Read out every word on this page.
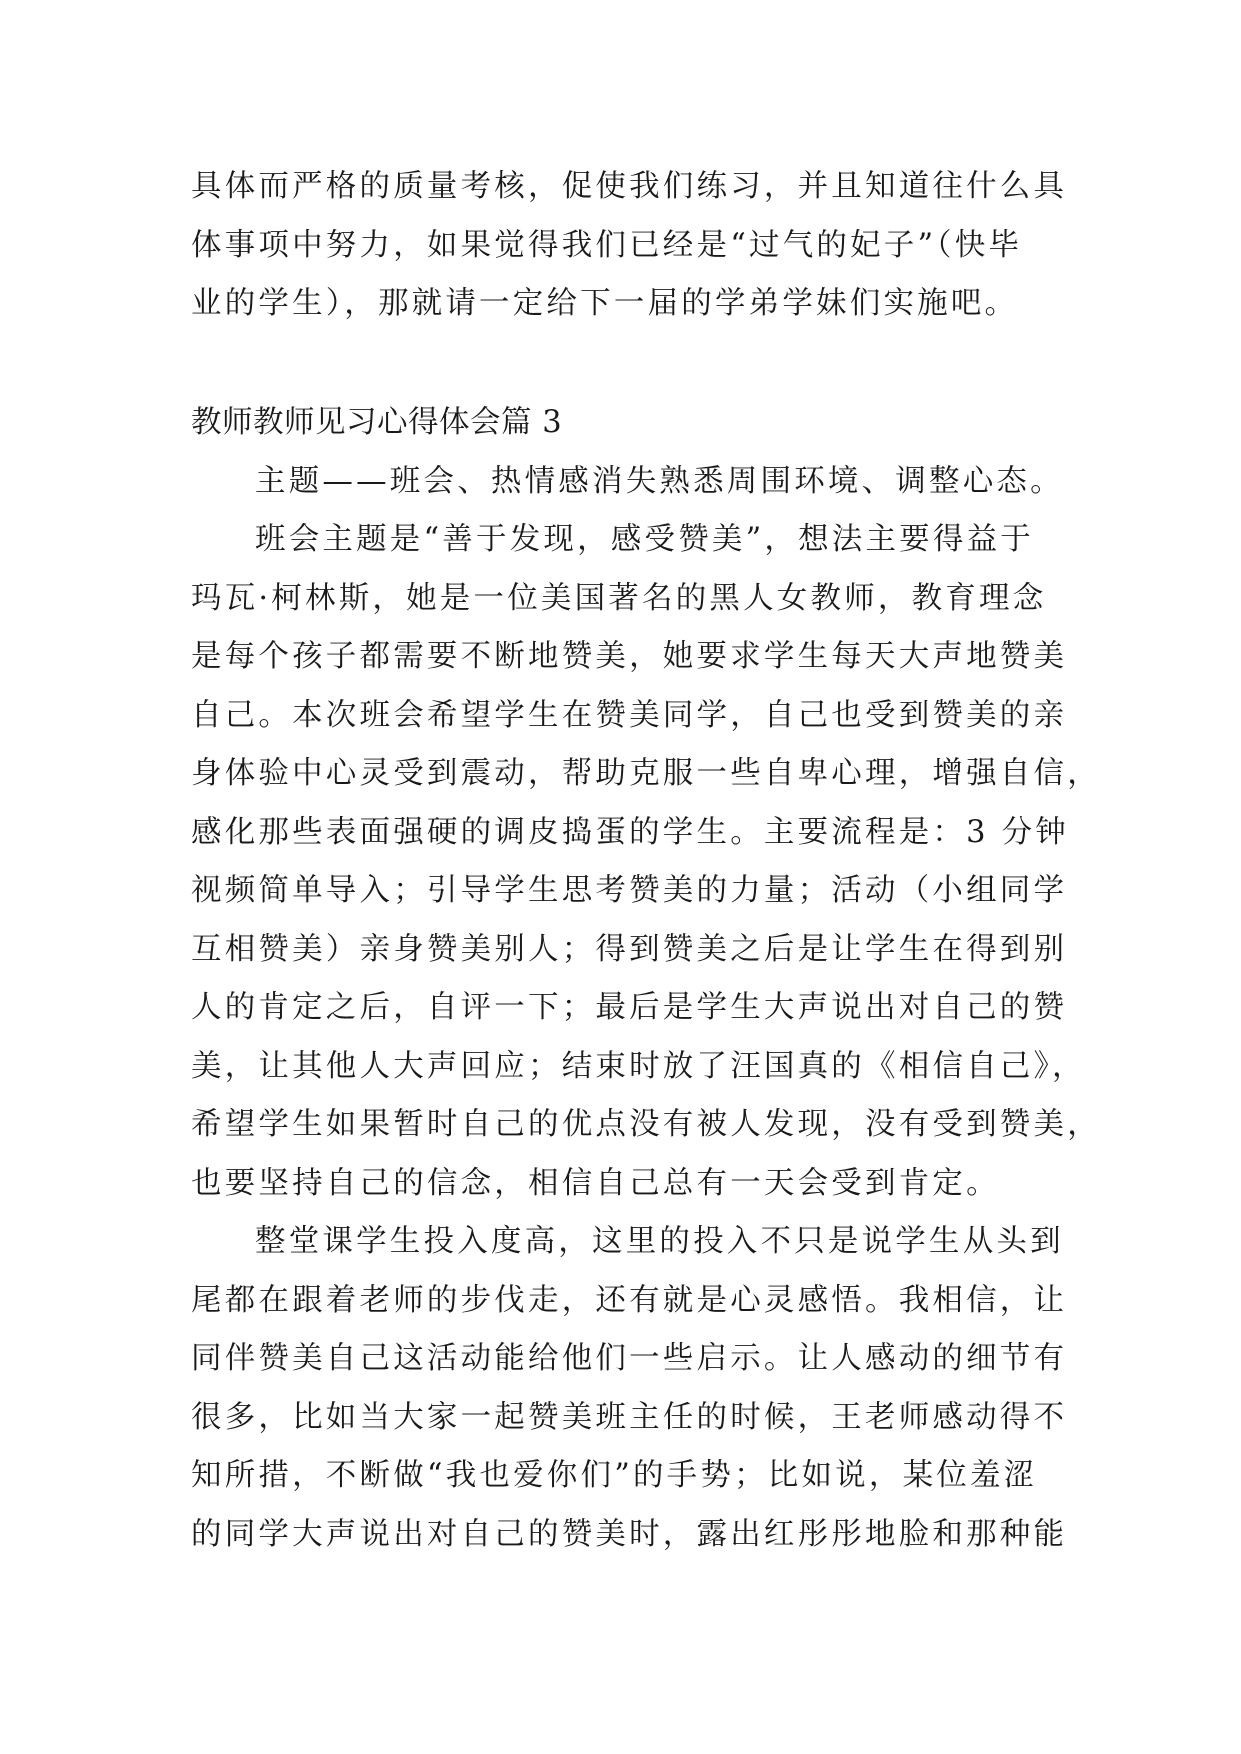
具体而严格的质量考核，促使我们练习，并且知道往什么具
体事项中努力，如果觉得我们已经是“过气的妃子”（快毕
业的学生），那就请一定给下一届的学弟学妹们实施吧。
教师教师见习心得体会篇 3
主题——班会、热情感消失熟悉周围环境、调整心态。
班会主题是“善于发现，感受赞美”，想法主要得益于
玛瓦·柯林斯，她是一位美国著名的黑人女教师，教育理念
是每个孩子都需要不断地赞美，她要求学生每天大声地赞美
自己。本次班会希望学生在赞美同学，自己也受到赞美的亲
身体验中心灵受到震动，帮助克服一些自卑心理，增强自信，
感化那些表面强硬的调皮捣蛋的学生。主要流程是：3 分钟
视频简单导入；引导学生思考赞美的力量；活动（小组同学
互相赞美）亲身赞美别人；得到赞美之后是让学生在得到别
人的肯定之后，自评一下；最后是学生大声说出对自己的赞
美，让其他人大声回应；结束时放了汪国真的《相信自己》，
希望学生如果暂时自己的优点没有被人发现，没有受到赞美，
也要坚持自己的信念，相信自己总有一天会受到肯定。
整堂课学生投入度高，这里的投入不只是说学生从头到
尾都在跟着老师的步伐走，还有就是心灵感悟。我相信，让
同伴赞美自己这活动能给他们一些启示。让人感动的细节有
很多，比如当大家一起赞美班主任的时候，王老师感动得不
知所措，不断做“我也爱你们”的手势；比如说，某位羞涩
的同学大声说出对自己的赞美时，露出红彤彤地脸和那种能
